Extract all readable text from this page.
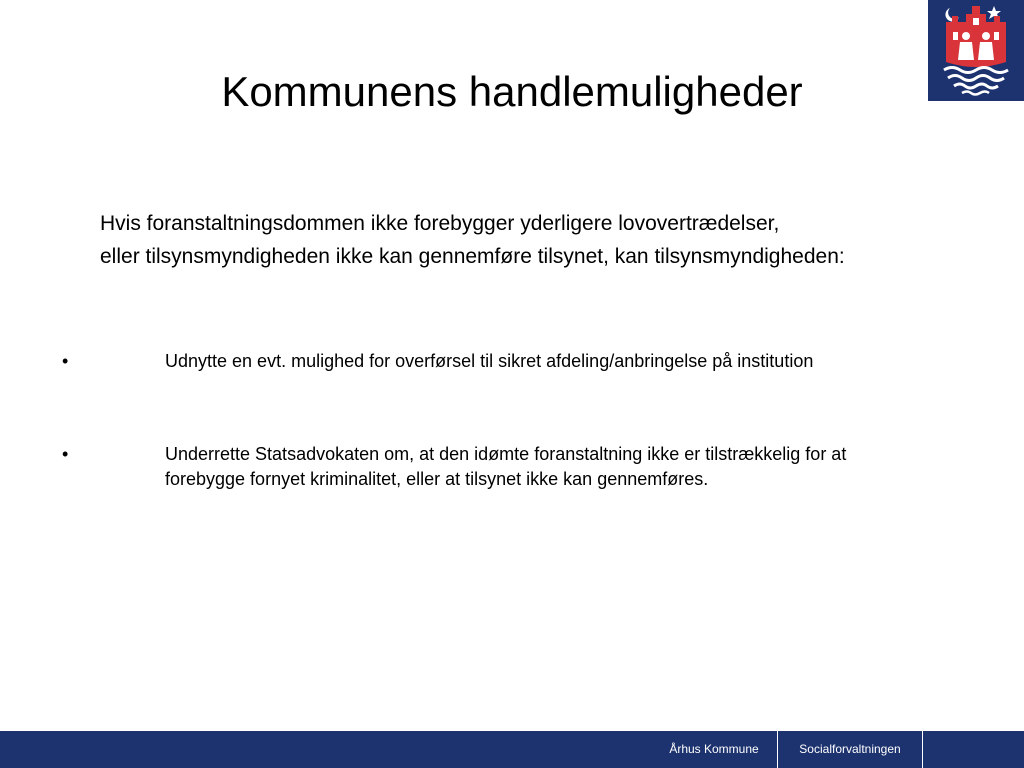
Kommunens handlemuligheder
Hvis foranstaltningsdommen ikke forebygger yderligere lovovertrædelser,
eller tilsynsmyndigheden ikke kan gennemføre tilsynet, kan tilsynsmyndigheden:
•	Udnytte en evt. mulighed for overførsel til sikret afdeling/anbringelse på institution
•	Underrette Statsadvokaten om, at den idømte foranstaltning ikke er tilstrækkelig for at forebygge fornyet kriminalitet, eller at tilsynet ikke kan gennemføres.
Århus Kommune	Socialforvaltningen
